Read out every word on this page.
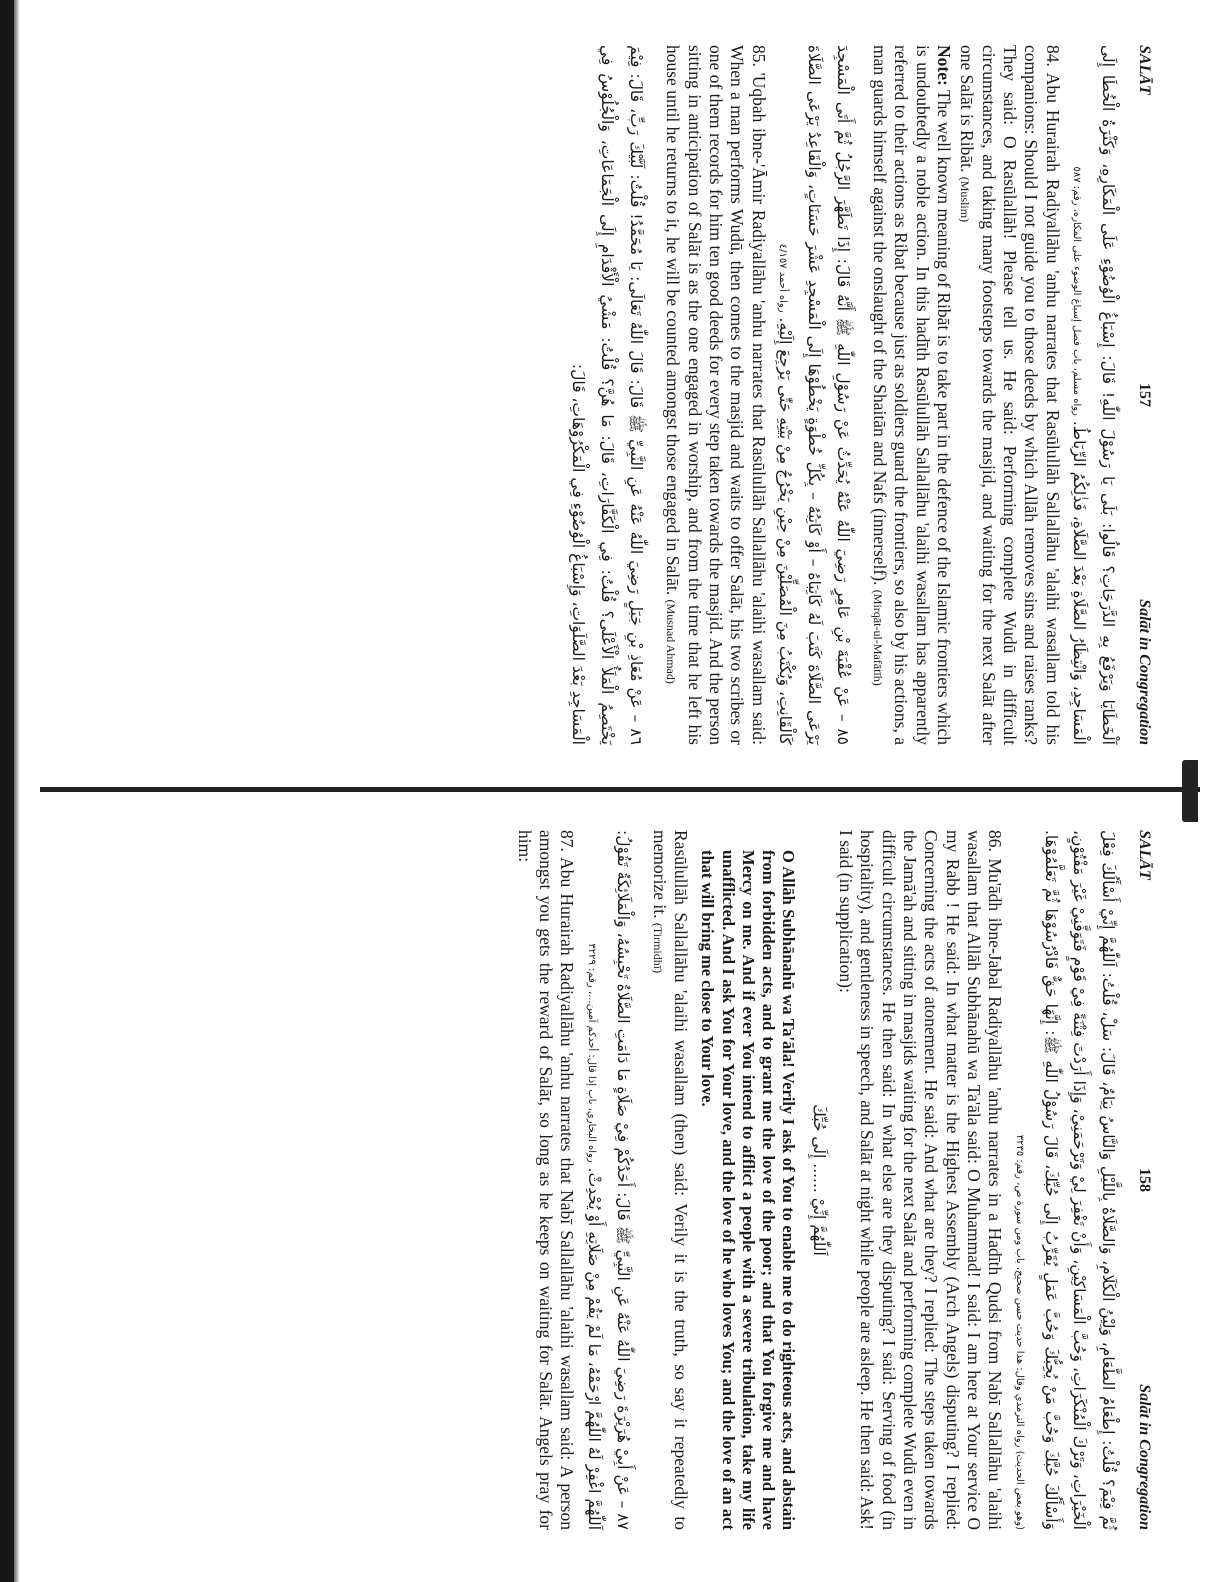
SALĀT
157
Salāt in Congregation

اَلْخَطَايَا وَيَرْفَعُ بِهِ الدَّرَجَاتِ؟ قَالُوا: بَلَى يَا رَسُوْلَ اللّٰهِ! قَالَ: إِسْبَاغُ الْوُضُوْءِ عَلَى الْمَكَارِهِ، وَكَثْرَةُ الْخُطَا إِلَى الْمَسَاجِدِ، وَانْتِظَارُ الصَّلَاةِ بَعْدَ الصَّلَاةِ، فَذٰلِكُمُ الرِّبَاطُ. رواه مسلم، باب فضل إسباغ الوضوء على المكاره، رقم: ٥٨٧

84. Abu Hurairah Radiyallāhu 'anhu narrates that Rasūlullāh Sallallāhu 'alaihi wasallam told his companions: Should I not guide you to those deeds by which Allāh removes sins and raises ranks? They said: O Rasūlallāh! Please tell us. He said: Performing complete Wudū in difficult circumstances, and taking many footsteps towards the masjid, and waiting for the next Salāt after one Salāt is Ribāt. (Muslim)

Note: The well known meaning of Ribāt is to take part in the defence of the Islamic frontiers which is undoubtedly a noble action. In this hadīth Rasūlullāh Sallallāhu 'alaihi wasallam has apparently referred to their actions as Ribat because just as soldiers guard the frontiers, so also by his actions, a man guards himself against the onslaught of the Shaitān and Nafs (innerself). (Mirqāt-ul-Mafātīh)

٨٥ – عَنْ عُقْبَةَ بْنِ عَامِرٍ رَضِيَ اللّٰهُ عَنْهُ يُحَدِّثُ عَنْ رَسُوْلِ اللّٰهِ ﷺ أَنَّهُ قَالَ: إِذَا تَطَهَّرَ الرَّجُلُ ثُمَّ أَتَى الْمَسْجِدَ يَرْعَى الصَّلَاةَ كَتَبَ لَهُ كَاتِبَاهُ – أَوْ كَاتِبُهُ – بِكُلِّ خُطْوَةٍ يَخْطُوْهَا إِلَى الْمَسْجِدِ عَشْرَ حَسَنَاتٍ، وَالْقَاعِدُ يَرْعَى الصَّلَاةَ كَالْقَانِتِ، وَيُكْتَبُ مِنَ الْمُصَلِّيْنَ مِنْ حِيْنِ يَخْرُجُ مِنْ بَيْتِهِ حَتّٰى يَرْجِعَ إِلَيْهِ. رواه أحمد ٤/١٥٧

85. 'Uqbah ibne-'Āmir Radiyallāhu 'anhu narrates that Rasūlullāh Sallallāhu 'alaihi wasallam said: When a man performs Wudū, then comes to the masjid and waits to offer Salāt, his two scribes or one of them records for him ten good deeds for every step taken towards the masjid. And the person sitting in anticipation of Salāt is as the one engaged in worship, and from the time that he left his house until he returns to it, he will be counted amongst those engaged in Salāt. (Musnad Ahmad)

٨٦ – عَنْ مُعَاذِ بْنِ جَبَلٍ رَضِيَ اللّٰهُ عَنْهُ عَنِ النَّبِيِّ ﷺ قَالَ: قَالَ اللّٰهُ تَعَالَى: يَا مُحَمَّدُ! قُلْتُ: لَبَّيْكَ رَبِّ، قَالَ: فِيْمَ يَخْتَصِمُ الْمَلَأُ الْأَعْلَى؟ قُلْتُ: فِي الْكَفَّارَاتِ، قَالَ: مَا هُنَّ؟ قُلْتُ: مَشْيُ الْأَقْدَامِ إِلَى الْجَمَاعَاتِ، وَالْجُلُوْسُ فِي الْمَسَاجِدِ بَعْدَ الصَّلَوَاتِ، وَإِسْبَاغُ الْوُضُوْءِ فِي الْمَكْرُوْهَاتِ، قَالَ:

SALĀT
158
Salāt in Congregation

ثُمَّ فِيْمَ؟ قُلْتُ: إِطْعَامُ الطَّعَامِ، وَلِيْنُ الْكَلَامِ، وَالصَّلَاةُ بِاللَّيْلِ وَالنَّاسُ نِيَامٌ، قَالَ: سَلْ، قُلْتُ: اَللّٰهُمَّ إِنِّيْ أَسْأَلُكَ فِعْلَ الْخَيْرَاتِ، وَتَرْكَ الْمُنْكَرَاتِ، وَحُبَّ الْمَسَاكِيْنِ، وَأَنْ تَغْفِرَ لِيْ وَتَرْحَمَنِيْ، وَإِذَا أَرَدْتَ فِتْنَةً فِيْ قَوْمٍ فَتَوَفَّنِيْ غَيْرَ مَفْتُوْنٍ، وَأَسْأَلُكَ حُبَّكَ وَحُبَّ مَنْ يُحِبُّكَ وَحُبَّ عَمَلٍ يُقَرِّبُ إِلَى حُبِّكَ، قَالَ رَسُوْلُ اللّٰهِ ﷺ: إِنَّهَا حَقٌّ فَادْرُسُوْهَا ثُمَّ تَعَلَّمُوْهَا. (وهو بعض الحديث) رواه الترمذي وقال: هذا حديث حسن صحيح، باب ومن سورة ص، رقم: ٣٢٣٥

86. Mu'ādh ibne-Jabal Radiyallāhu 'anhu narrates in a Hadīth Qudsi from Nabī Sallallāhu 'alaihi wasallam that Allāh Subhānahū wa Ta'āla said: O Muhammad! I said: I am here at Your service O my Rabb ! He said: In what matter is the Highest Assembly (Arch Angels) disputing? I replied: Concerning the acts of atonement. He said: And what are they? I replied: The steps taken towards the Jamā'ah and sitting in masjids waiting for the next Salāt and performing complete Wudū even in difficult circumstances. He then said: In what else are they disputing? I said: Serving of food (in hospitality), and gentleness in speech, and Salāt at night while people are asleep. He then said: Ask! I said (in supplication):

اَللّٰهُمَّ إِنِّيْ ...... إِلَى حُبِّكَ

O Allāh Subhānahū wa Ta'āla! Verily I ask of You to enable me to do righteous acts, and abstain from forbidden acts, and to grant me the love of the poor; and that You forgive me and have Mercy on me. And if ever You intend to afflict a people with a severe tribulation, take my life unafflicted. And I ask You for Your love, and the love of he who loves You; and the love of an act that will bring me close to Your love.

Rasūlullāh Sallallāhu 'alaihi wasallam (then) said: Verily it is the truth, so say it repeatedly to memorize it. (Tirmidhī)

٨٧ – عَنْ أَبِيْ هُرَيْرَةَ رَضِيَ اللّٰهُ عَنْهُ عَنِ النَّبِيِّ ﷺ قَالَ: أَحَدُكُمْ فِيْ صَلَاةٍ مَا دَامَتِ الصَّلَاةُ تَحْبِسُهُ، وَالْمَلَائِكَةُ تَقُوْلُ: اَللّٰهُمَّ اغْفِرْ لَهُ اللّٰهُمَّ ارْحَمْهُ، مَا لَمْ يَقُمْ مِنْ صَلَاتِهِ أَوْ يُحْدِثْ. رواه البخاري، باب إذا قال: أحدكم آمين...، رقم: ٣٢٢٩

87. Abu Hurairah Radiyallāhu 'anhu narrates that Nabī Sallallāhu 'alaihi wasallam said: A person amongst you gets the reward of Salāt, so long as he keeps on waiting for Salāt. Angels pray for him:
